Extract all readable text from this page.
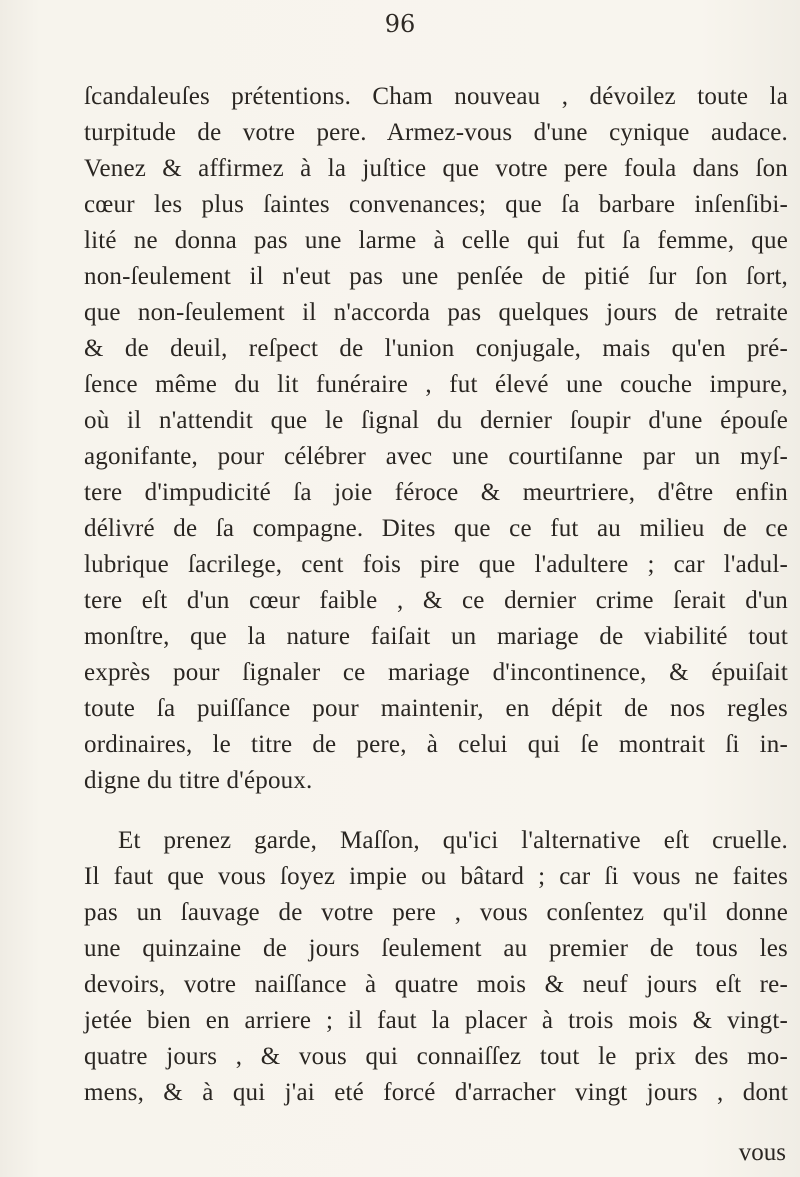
96
ſcandaleuſes prétentions. Cham nouveau , dévoilez toute la
turpitude de votre pere. Armez-vous d'une cynique audace.
Venez & affirmez à la juſtice que votre pere foula dans ſon
cœur les plus ſaintes convenances; que ſa barbare inſenſibi-
lité ne donna pas une larme à celle qui fut ſa femme, que
non-ſeulement il n'eut pas une penſée de pitié ſur ſon ſort,
que non-ſeulement il n'accorda pas quelques jours de retraite
& de deuil, reſpect de l'union conjugale, mais qu'en pré-
ſence même du lit funéraire , fut élevé une couche impure,
où il n'attendit que le ſignal du dernier ſoupir d'une épouſe
agonifante, pour célébrer avec une courtiſanne par un myſ-
tere d'impudicité ſa joie féroce & meurtriere, d'être enfin
délivré de ſa compagne. Dites que ce fut au milieu de ce
lubrique ſacrilege, cent fois pire que l'adultere ; car l'adul-
tere eſt d'un cœur faible , & ce dernier crime ſerait d'un
monſtre, que la nature faiſait un mariage de viabilité tout
exprès pour ſignaler ce mariage d'incontinence, & épuiſait
toute ſa puiſſance pour maintenir, en dépit de nos regles
ordinaires, le titre de pere, à celui qui ſe montrait ſi in-
digne du titre d'époux.
Et prenez garde, Maſſon, qu'ici l'alternative eſt cruelle.
Il faut que vous ſoyez impie ou bâtard ; car ſi vous ne faites
pas un ſauvage de votre pere , vous conſentez qu'il donne
une quinzaine de jours ſeulement au premier de tous les
devoirs, votre naiſſance à quatre mois & neuf jours eſt re-
jetée bien en arriere ; il faut la placer à trois mois & vingt-
quatre jours , & vous qui connaiſſez tout le prix des mo-
mens, & à qui j'ai eté forcé d'arracher vingt jours , dont
vous
